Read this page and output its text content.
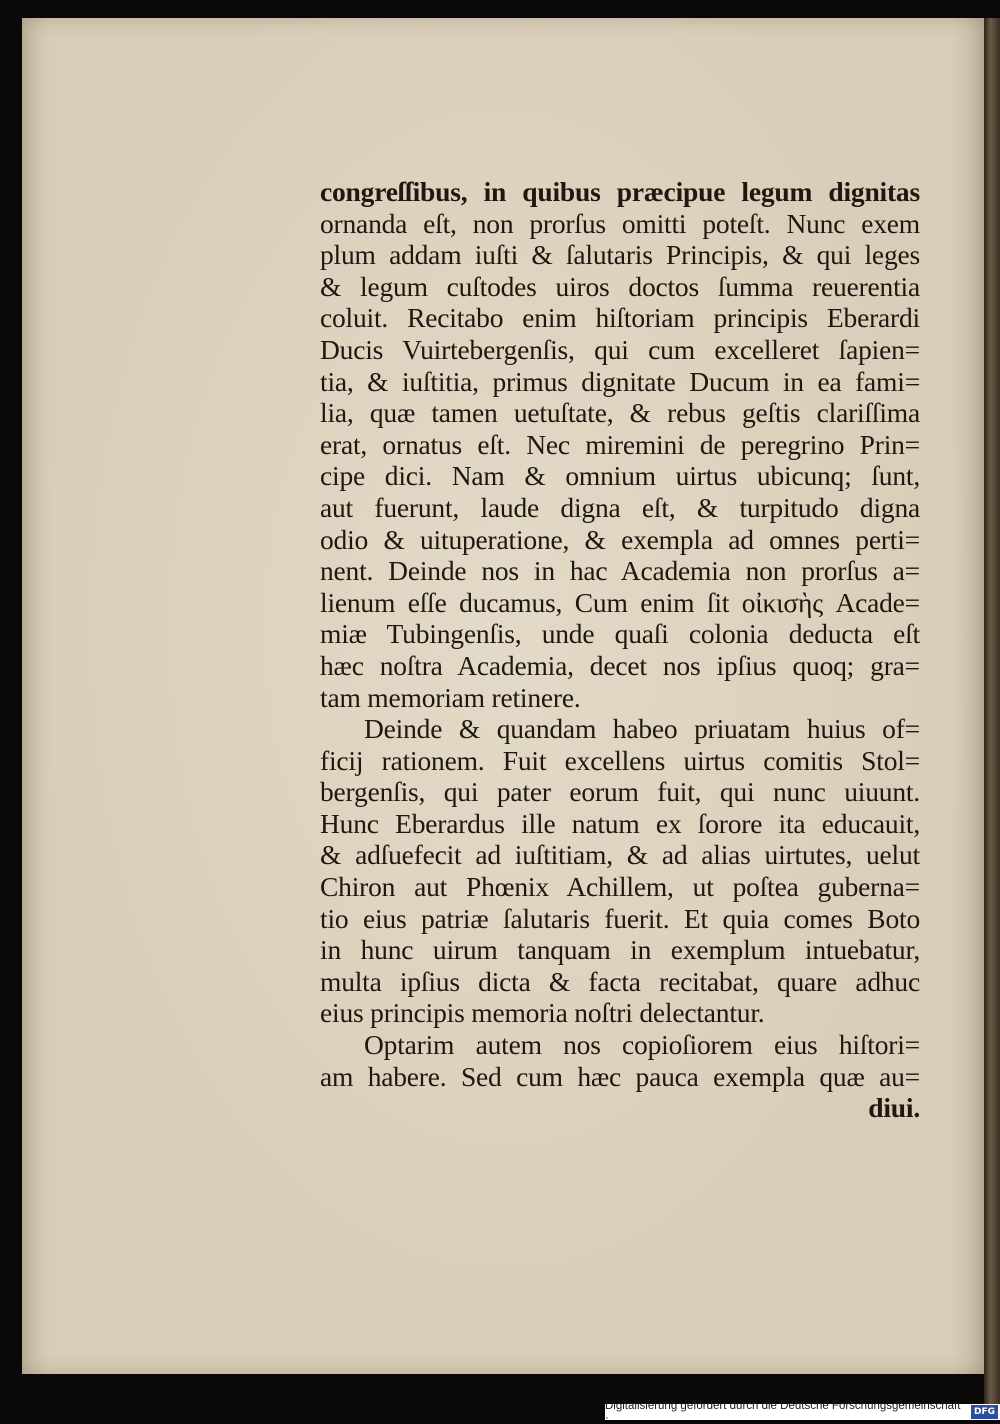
congreſſibus, in quibus præcipue legum dignitas
ornanda eſt, non prorſus omitti poteſt. Nunc exem
plum addam iuſti & ſalutaris Principis, & qui leges
& legum cuſtodes uiros doctos ſumma reuerentia
coluit. Recitabo enim hiſtoriam principis Eberardi
Ducis Vuirtebergenſis, qui cum excelleret ſapien=
tia, & iuſtitia, primus dignitate Ducum in ea fami=
lia, quæ tamen uetuſtate, & rebus geſtis clariſſima
erat, ornatus eſt. Nec miremini de peregrino Prin=
cipe dici. Nam & omnium uirtus ubicunq; ſunt,
aut fuerunt, laude digna eſt, & turpitudo digna
odio & uituperatione, & exempla ad omnes perti=
nent. Deinde nos in hac Academia non prorſus a=
lienum eſſe ducamus, Cum enim ſit οἰκισὴς Acade=
miæ Tubingenſis, unde quaſi colonia deducta eſt
hæc noſtra Academia, decet nos ipſius quoq; gra=
tam memoriam retinere.
Deinde & quandam habeo priuatam huius of=
ficij rationem. Fuit excellens uirtus comitis Stol=
bergenſis, qui pater eorum fuit, qui nunc uiuunt.
Hunc Eberardus ille natum ex ſorore ita educauit,
& adſuefecit ad iuſtitiam, & ad alias uirtutes, uelut
Chiron aut Phœnix Achillem, ut poſtea guberna=
tio eius patriæ ſalutaris fuerit. Et quia comes Boto
in hunc uirum tanquam in exemplum intuebatur,
multa ipſius dicta & facta recitabat, quare adhuc
eius principis memoria noſtri delectantur.
Optarim autem nos copioſiorem eius hiſtori=
am habere. Sed cum hæc pauca exempla quæ au=
diui.
Digitalisierung gefördert durch die Deutsche Forschungsgemeinschaft ·	DFG
